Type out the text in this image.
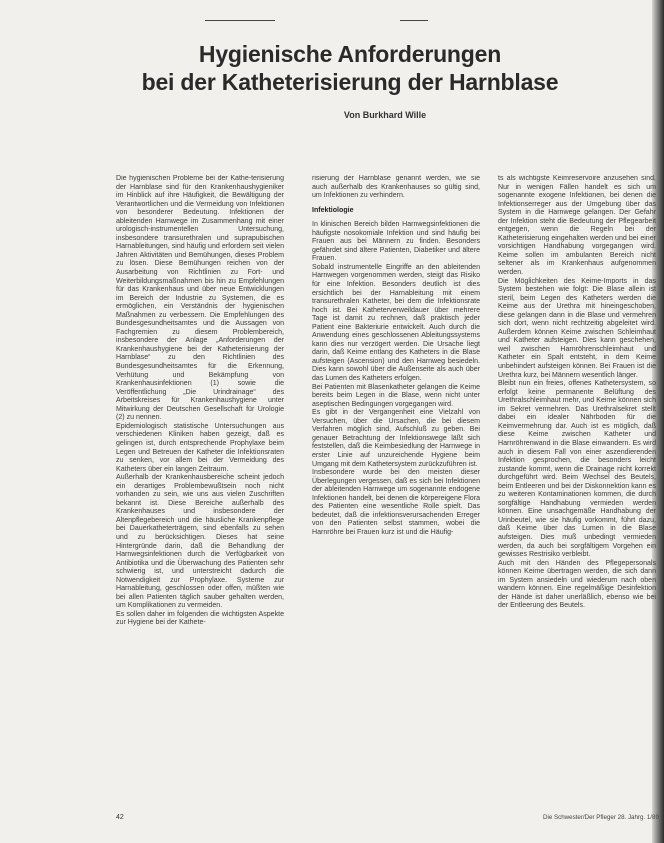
Hygienische Anforderungen
bei der Katheterisierung der Harnblase
Von Burkhard Wille

Die hygienischen Probleme bei der Kathe-terisierung der Harnblase sind für den Krankenhaushygieniker im Hinblick auf ihre Häufigkeit, die Bewältigung der Verantwortlichen und die Vermeidung von Infektionen von besonderer Bedeutung. Infektionen der ableitenden Harnwege im Zusammenhang mit einer urologisch-instrumentellen Untersuchung, insbesondere transurethralen und suprapubischen Harnableitungen, sind häufig und erfordern seit vielen Jahren Aktivitäten und Bemühungen, dieses Problem zu lösen. Diese Bemühungen reichen von der Ausarbeitung von Richtlinien zu Fort- und Weiterbildungsmaßnahmen bis hin zu Empfehlungen für das Krankenhaus und über neue Entwicklungen im Bereich der Industrie zu Systemen, die es ermöglichen, ein Verständnis der hygienischen Maßnahmen zu verbessern. Die Empfehlungen des Bundesgesundheitsamtes und die Aussagen von Fachgremien zu diesem Problembereich, insbesondere der Anlage „Anforderungen der Krankenhaushygiene bei der Katheterisierung der Harnblase“ zu den Richtlinien des Bundesgesundheitsamtes für die Erkennung, Verhütung und Bekämpfung von Krankenhausinfektionen (1) sowie die Veröffentlichung „Die Urindrainage“ des Arbeitskreises für Krankenhaushygiene unter Mitwirkung der Deutschen Gesellschaft für Urologie (2) zu nennen.

Epidemiologisch statistische Untersuchungen aus verschiedenen Kliniken haben gezeigt, daß es gelingen ist, durch entsprechende Prophylaxe beim Legen und Betreuen der Katheter die Infektionsraten zu senken, vor allem bei der Vermeidung des Katheters über ein langen Zeitraum.

Außerhalb der Krankenhausbereiche scheint jedoch ein derartiges Problembewußtsein noch nicht vorhanden zu sein, wie uns aus vielen Zuschriften bekannt ist. Diese Bereiche außerhalb des Krankenhauses und insbesondere der Altenpflegebereich und die häusliche Krankenpflege bei Dauerkatheterträgern, sind ebenfalls zu sehen und zu berücksichtigen. Dieses hat seine Hintergründe darin, daß die Behandlung der Harnwegsinfektionen durch die Verfügbarkeit von Antibiotika und die Überwachung des Patienten sehr schwierig ist, und unterstreicht dadurch die Notwendigkeit zur Prophylaxe. Systeme zur Harnableitung, geschlossen oder offen, müßten wie bei allen Patienten täglich sauber gehalten werden, um Komplikationen zu vermeiden.

Es sollen daher im folgenden die wichtigsten Aspekte zur Hygiene bei der Kathete-

risierung der Harnblase genannt werden, wie sie auch außerhalb des Krankenhauses so gültig sind, um Infektionen zu verhindern.

Infektiologie

In klinischen Bereich bilden Harnwegsinfektionen die häufigste nosokomiale Infektion und sind häufig bei Frauen aus bei Männern zu finden. Besonders gefährdet sind ältere Patienten, Diabetiker und ältere Frauen.

Sobald instrumentelle Eingriffe an den ableitenden Harnwegen vorgenommen werden, steigt das Risiko für eine Infektion. Besonders deutlich ist dies ersichtlich bei der Harnableitung mit einem transurethralen Katheter, bei dem die Infektionsrate hoch ist. Bei Katheterverweildauer über mehrere Tage ist damit zu rechnen, daß praktisch jeder Patient eine Bakteriurie entwickelt. Auch durch die Anwendung eines geschlossenen Ableitungssystems kann dies nur verzögert werden. Die Ursache liegt darin, daß Keime entlang des Katheters in die Blase aufsteigen (Ascension) und den Harnweg besiedeln. Dies kann sowohl über die Außenseite als auch über das Lumen des Katheters erfolgen.

Bei Patienten mit Blasenkatheter gelangen die Keime bereits beim Legen in die Blase, wenn nicht unter aseptischen Bedingungen vorgegangen wird.

Es gibt in der Vergangenheit eine Vielzahl von Versuchen, über die Ursachen, die bei diesem Verfahren möglich sind, Aufschluß zu geben. Bei genauer Betrachtung der Infektionswege läßt sich feststellen, daß die Keimbesiedlung der Harnwege in erster Linie auf unzureichende Hygiene beim Umgang mit dem Kathetersystem zurückzuführen ist.

Insbesondere wurde bei den meisten dieser Überlegungen vergessen, daß es sich bei Infektionen der ableitenden Harnwege um sogenannte endogene Infektionen handelt, bei denen die körpereigene Flora des Patienten eine wesentliche Rolle spielt. Das bedeutet, daß die infektionsverursachenden Erreger von den Patienten selbst stammen, wobei die Harnröhre bei Frauen kurz ist und die Häufig-

ts als wichtigste Keimreservoire anzusehen sind. Nur in wenigen Fällen handelt es sich um sogenannte exogene Infektionen, bei denen die Infektionserreger aus der Umgebung über das System in die Harnwege gelangen. Der Gefahr der Infektion steht die Bedeutung der Pflegearbeit entgegen, wenn die Regeln bei der Katheterisierung eingehalten werden und bei einer vorsichtigen Handhabung vorgegangen wird. Keime sollen im ambulanten Bereich nicht seltener als im Krankenhaus aufgenommen werden.

Die Möglichkeiten des Keime-Imports in das System bestehen wie folgt: Die Blase allein ist steril, beim Legen des Katheters werden die Keime aus der Urethra mit hineingeschoben, diese gelangen dann in die Blase und vermehren sich dort, wenn nicht rechtzeitig abgeleitet wird. Außerdem können Keime zwischen Schleimhaut und Katheter aufsteigen. Dies kann geschehen, weil zwischen Harnröhrenschleimhaut und Katheter ein Spalt entsteht, in dem Keime unbehindert aufsteigen können. Bei Frauen ist die Urethra kurz, bei Männern wesentlich länger.

Bleibt nun ein freies, offenes Kathetersystem, so erfolgt keine permanente Belüftung des Urethralschleimhaut mehr, und Keime können sich im Sekret vermehren. Das Urethralsekret stellt dabei ein idealer Nährboden für die Keimvermehrung dar. Auch ist es möglich, daß diese Keime zwischen Katheter und Harnröhrenwand in die Blase einwandern. Es wird auch in diesem Fall von einer aszendierenden Infektion gesprochen, die besonders leicht zustande kommt, wenn die Drainage nicht korrekt durchgeführt wird. Beim Wechsel des Beutels, beim Entleeren und bei der Diskonnektion kann es zu weiteren Kontaminationen kommen, die durch sorgfältige Handhabung vermieden werden können. Eine unsachgemäße Handhabung der Urinbeutel, wie sie häufig vorkommt, führt dazu, daß Keime über das Lumen in die Blase aufsteigen. Dies muß unbedingt vermieden werden, da auch bei sorgfältigem Vorgehen ein gewisses Restrisiko verbleibt.

Auch mit den Händen des Pflegepersonals können Keime übertragen werden, die sich dann im System ansiedeln und wiederum nach oben wandern können. Eine regelmäßige Desinfektion der Hände ist daher unerläßlich, ebenso wie bei der Entleerung des Beutels.

42	Die Schwester/Der Pfleger 28. Jahrg. 1/89
